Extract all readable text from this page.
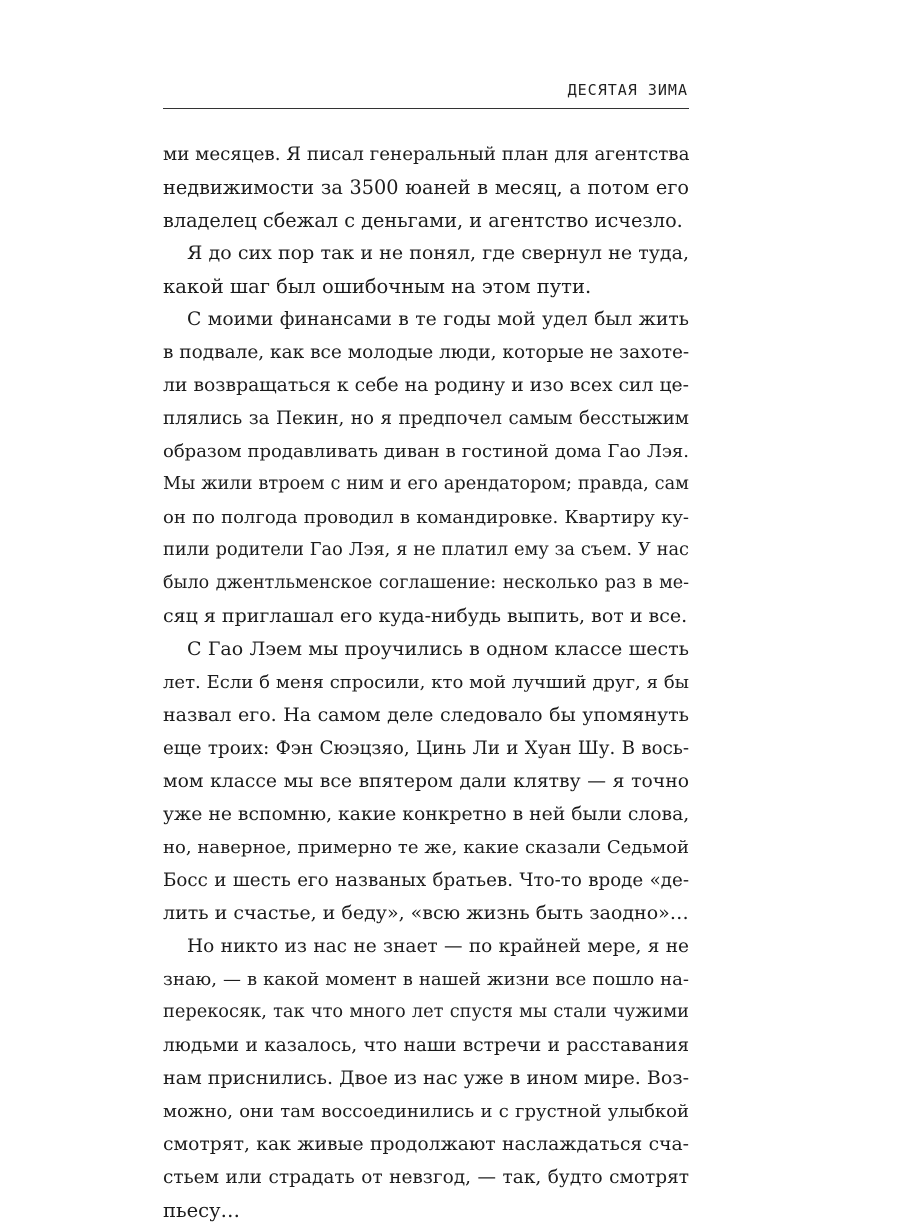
ДЕСЯТАЯ ЗИМА
ми месяцев. Я писал генеральный план для агентства
недвижимости за 3500 юаней в месяц, а потом его
владелец сбежал с деньгами, и агентство исчезло.
Я до сих пор так и не понял, где свернул не туда,
какой шаг был ошибочным на этом пути.
С моими финансами в те годы мой удел был жить
в подвале, как все молодые люди, которые не захоте-
ли возвращаться к себе на родину и изо всех сил це-
плялись за Пекин, но я предпочел самым бесстыжим
образом продавливать диван в гостиной дома Гао Лэя.
Мы жили втроем с ним и его арендатором; правда, сам
он по полгода проводил в командировке. Квартиру ку-
пили родители Гао Лэя, я не платил ему за съем. У нас
было джентльменское соглашение: несколько раз в ме-
сяц я приглашал его куда-нибудь выпить, вот и все.
С Гао Лэем мы проучились в одном классе шесть
лет. Если б меня спросили, кто мой лучший друг, я бы
назвал его. На самом деле следовало бы упомянуть
еще троих: Фэн Сюэцзяо, Цинь Ли и Хуан Шу. В вось-
мом классе мы все впятером дали клятву — я точно
уже не вспомню, какие конкретно в ней были слова,
но, наверное, примерно те же, какие сказали Седьмой
Босс и шесть его названых братьев. Что-то вроде «де-
лить и счастье, и беду», «всю жизнь быть заодно»…
Но никто из нас не знает — по крайней мере, я не
знаю, — в какой момент в нашей жизни все пошло на-
перекосяк, так что много лет спустя мы стали чужими
людьми и казалось, что наши встречи и расставания
нам приснились. Двое из нас уже в ином мире. Воз-
можно, они там воссоединились и с грустной улыбкой
смотрят, как живые продолжают наслаждаться сча-
стьем или страдать от невзгод, — так, будто смотрят
пьесу…
